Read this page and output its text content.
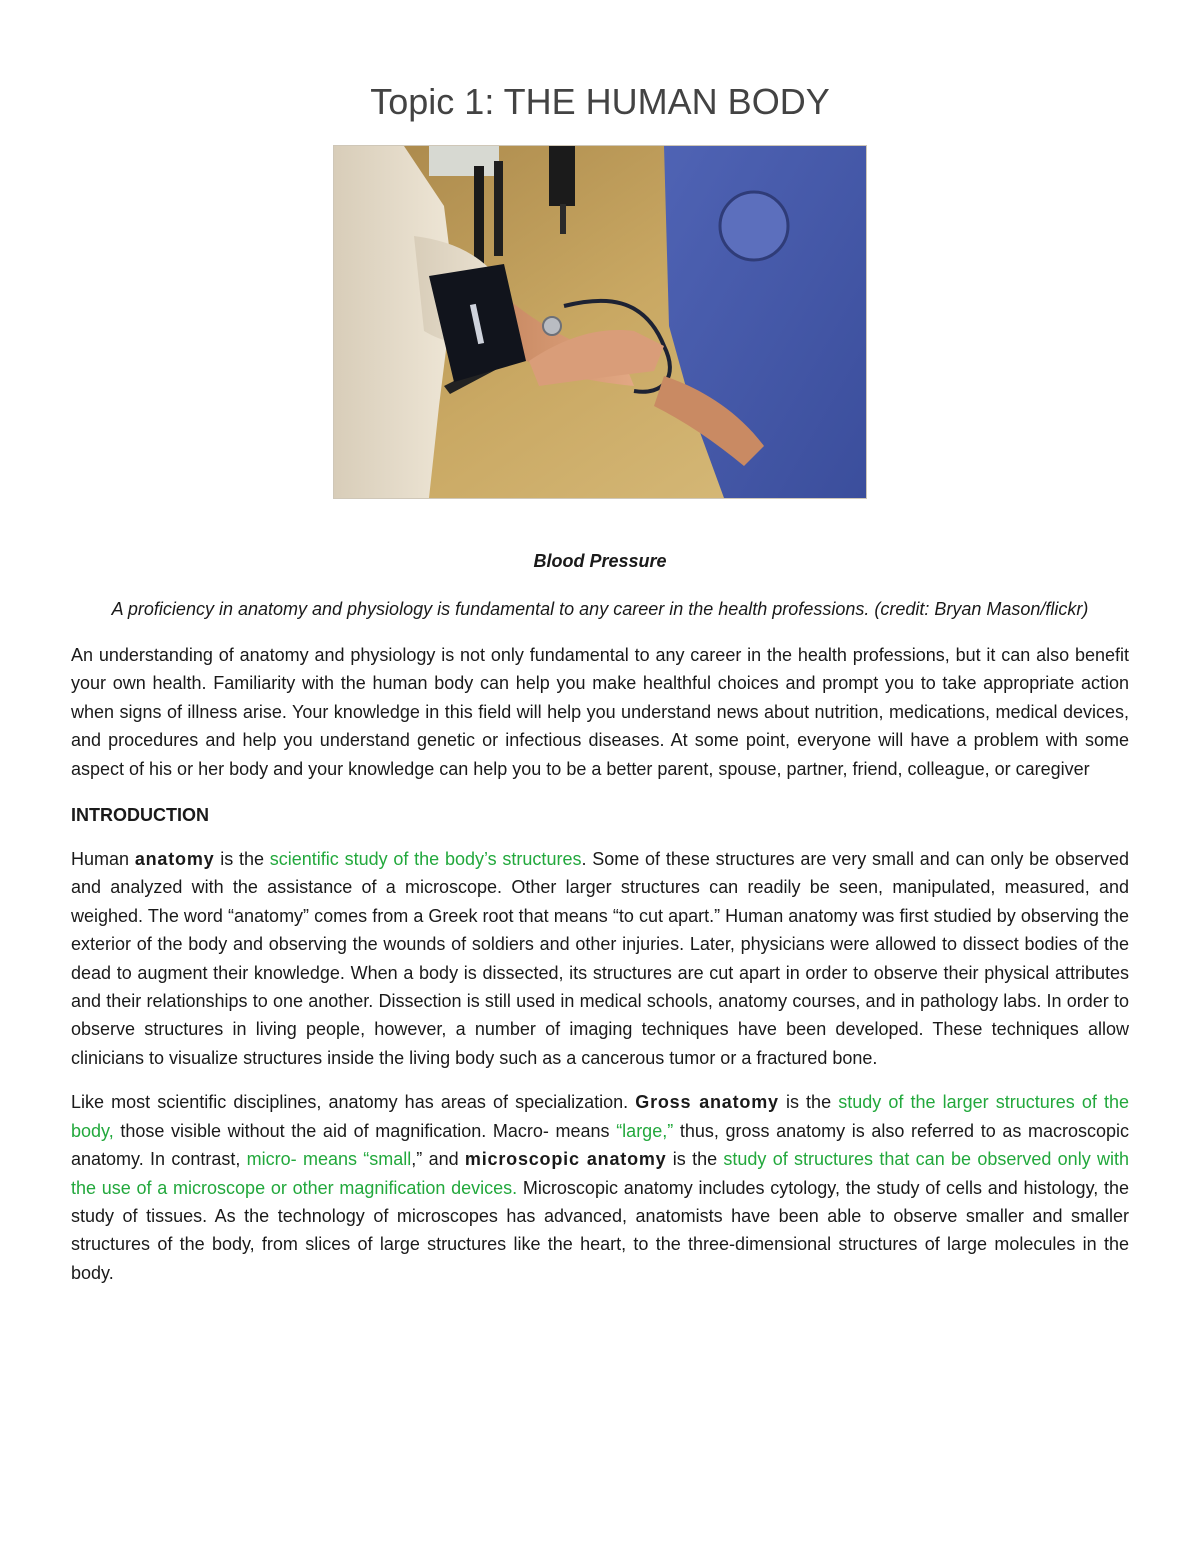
Topic 1: THE HUMAN BODY

Blood Pressure

A proficiency in anatomy and physiology is fundamental to any career in the health professions. (credit: Bryan Mason/flickr)

An understanding of anatomy and physiology is not only fundamental to any career in the health professions, but it can also benefit your own health. Familiarity with the human body can help you make healthful choices and prompt you to take appropriate action when signs of illness arise. Your knowledge in this field will help you understand news about nutrition, medications, medical devices, and procedures and help you understand genetic or infectious diseases. At some point, everyone will have a problem with some aspect of his or her body and your knowledge can help you to be a better parent, spouse, partner, friend, colleague, or caregiver

INTRODUCTION

Human anatomy is the scientific study of the body’s structures. Some of these structures are very small and can only be observed and analyzed with the assistance of a microscope. Other larger structures can readily be seen, manipulated, measured, and weighed. The word “anatomy” comes from a Greek root that means “to cut apart.” Human anatomy was first studied by observing the exterior of the body and observing the wounds of soldiers and other injuries. Later, physicians were allowed to dissect bodies of the dead to augment their knowledge. When a body is dissected, its structures are cut apart in order to observe their physical attributes and their relationships to one another. Dissection is still used in medical schools, anatomy courses, and in pathology labs. In order to observe structures in living people, however, a number of imaging techniques have been developed. These techniques allow clinicians to visualize structures inside the living body such as a cancerous tumor or a fractured bone.

Like most scientific disciplines, anatomy has areas of specialization. Gross anatomy is the study of the larger structures of the body, those visible without the aid of magnification. Macro- means “large,” thus, gross anatomy is also referred to as macroscopic anatomy. In contrast, micro- means “small,” and microscopic anatomy is the study of structures that can be observed only with the use of a microscope or other magnification devices. Microscopic anatomy includes cytology, the study of cells and histology, the study of tissues. As the technology of microscopes has advanced, anatomists have been able to observe smaller and smaller structures of the body, from slices of large structures like the heart, to the three-dimensional structures of large molecules in the body.
